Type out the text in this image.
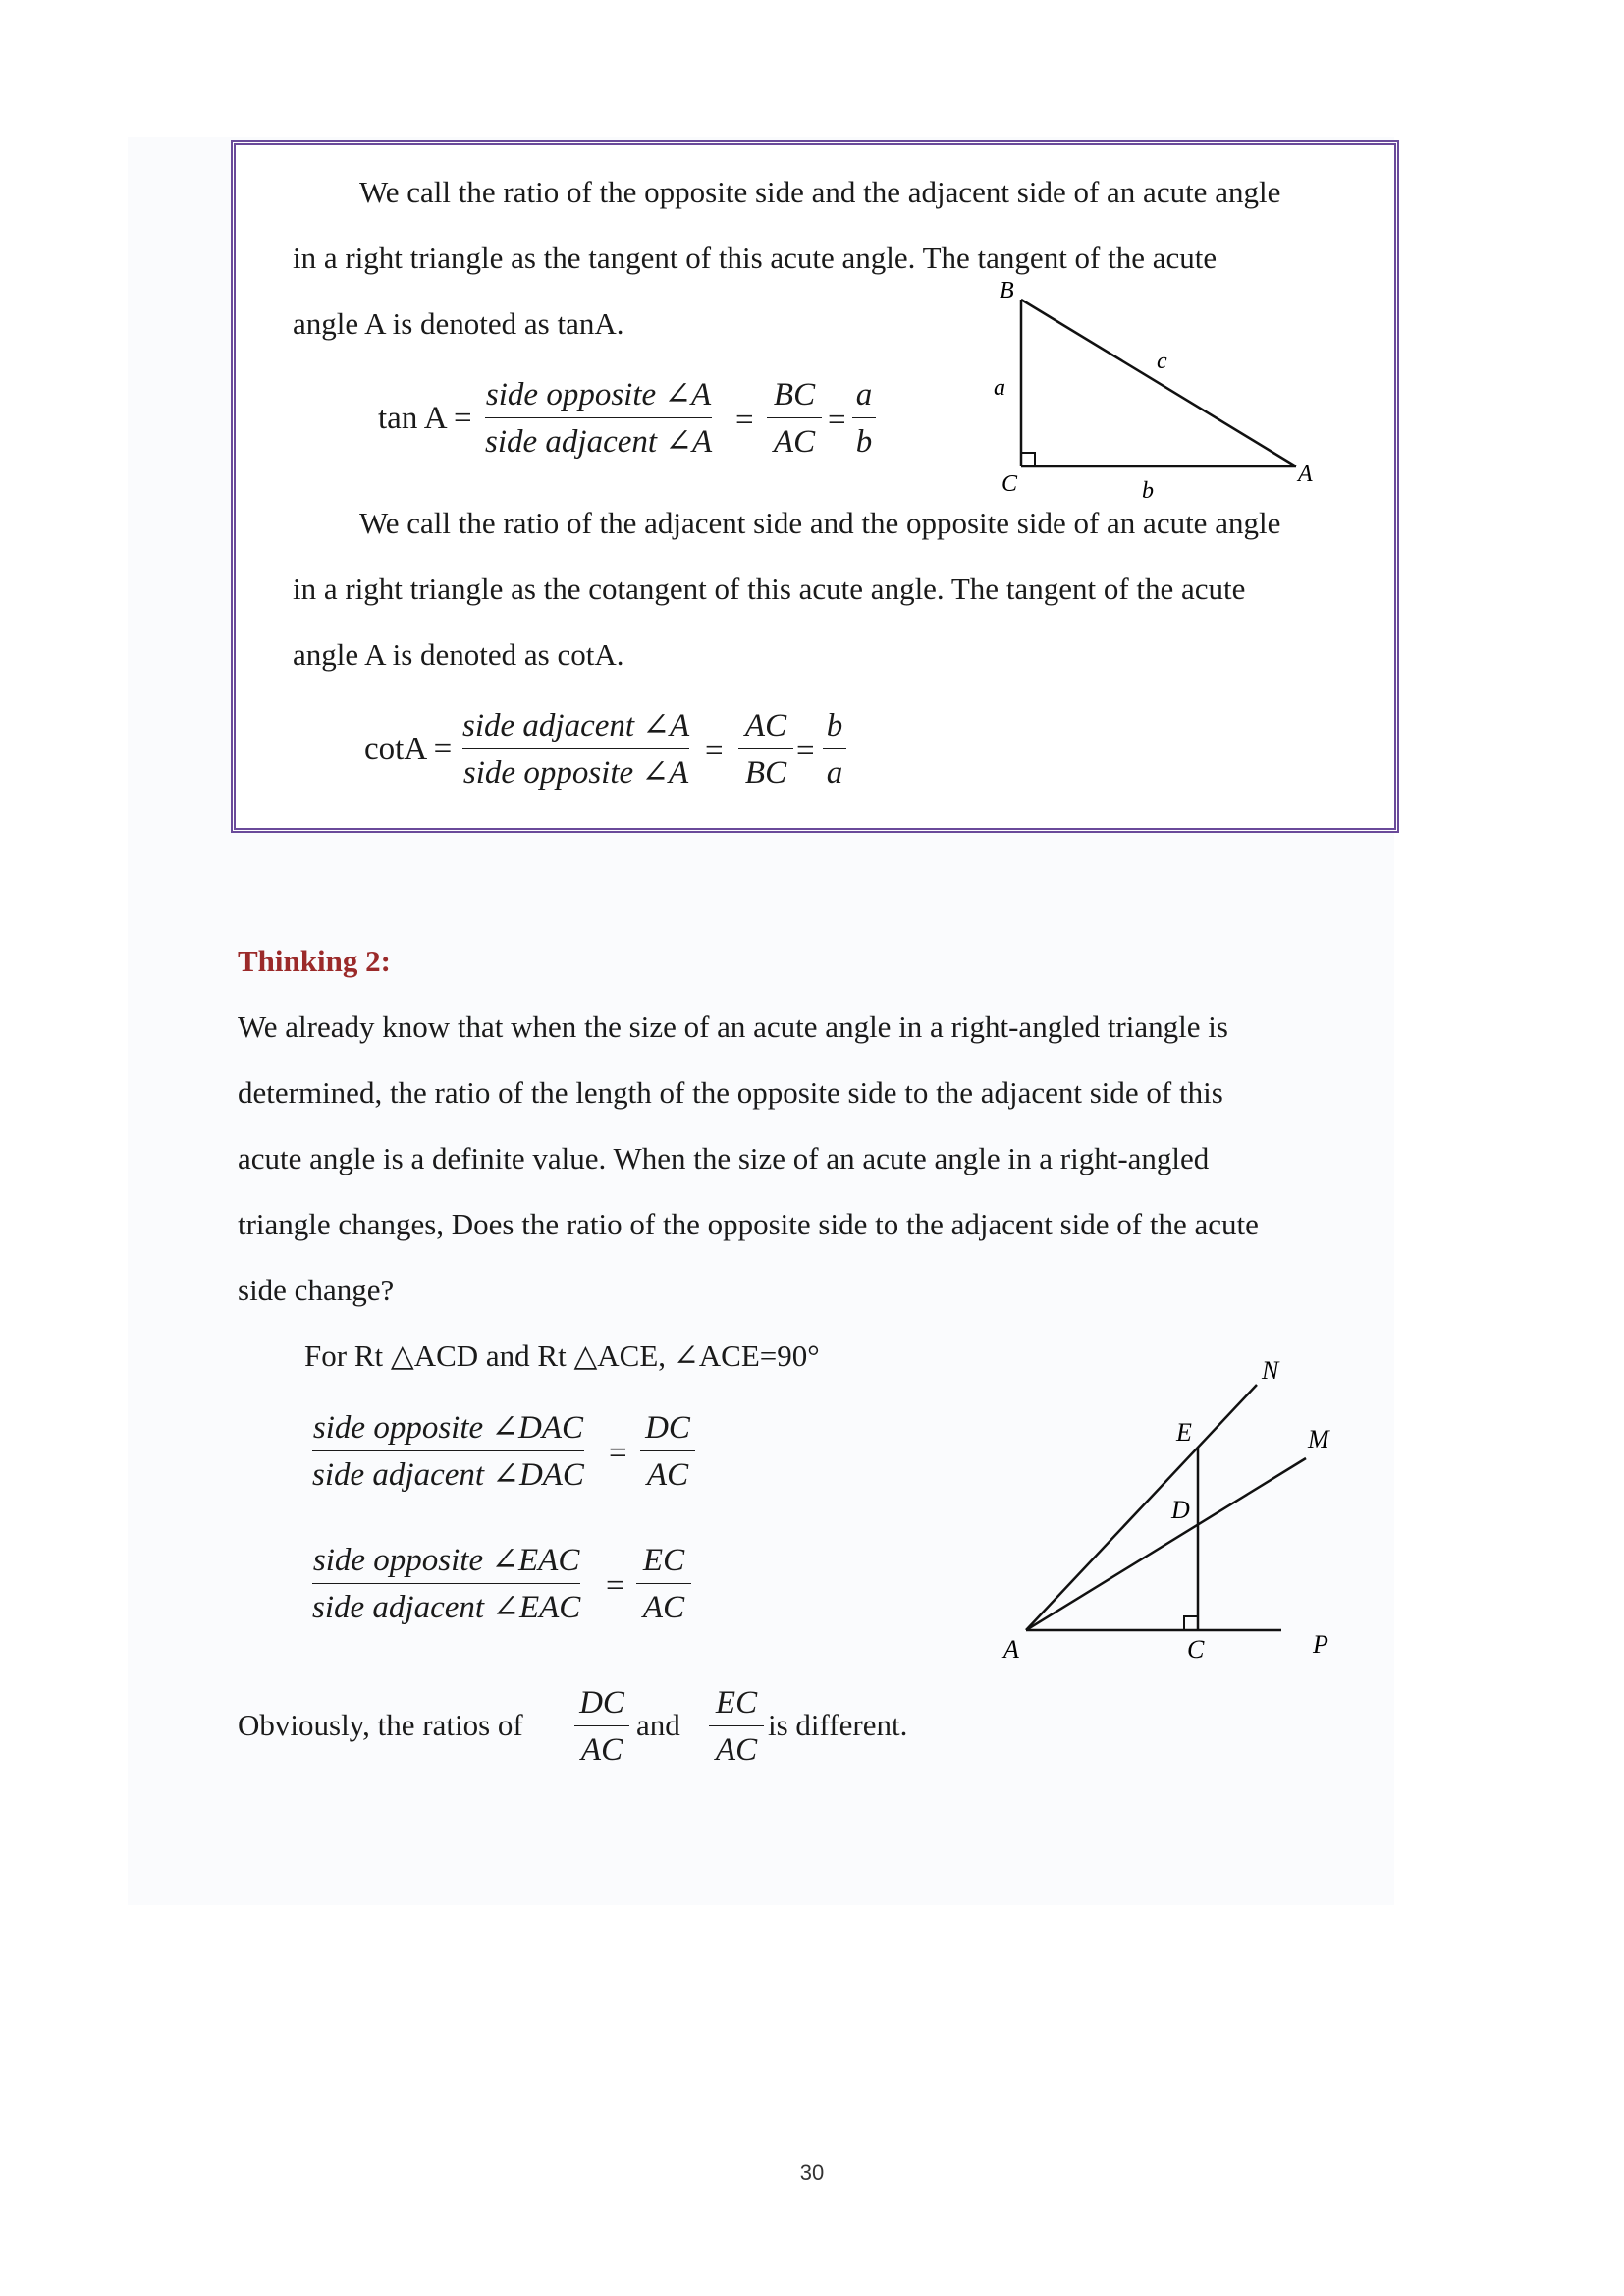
We call the ratio of the opposite side and the adjacent side of an acute angle
in a right triangle as the tangent of this acute angle. The tangent of the acute
angle A is denoted as tanA.
tan A =
side opposite ∠A
side adjacent ∠A
=
BC
AC
=
a
b
B
A
C
a
b
c
We call the ratio of the adjacent side and the opposite side of an acute angle
in a right triangle as the cotangent of this acute angle. The tangent of the acute
angle A is denoted as cotA.
cotA =
side adjacent ∠A
side opposite ∠A
=
AC
BC
=
b
a
Thinking 2:
We already know that when the size of an acute angle in a right-angled triangle is
determined, the ratio of the length of the opposite side to the adjacent side of this
acute angle is a definite value. When the size of an acute angle in a right-angled
triangle changes, Does the ratio of the opposite side to the adjacent side of the acute
side change?
For Rt △ACD and Rt △ACE, ∠ACE=90°
side opposite ∠DAC
side adjacent ∠DAC
=
DC
AC
side opposite ∠EAC
side adjacent ∠EAC
=
EC
AC
N
E	M
D
A	C	P
Obviously, the ratios of
DC
AC
and
EC
AC
is different.
30
